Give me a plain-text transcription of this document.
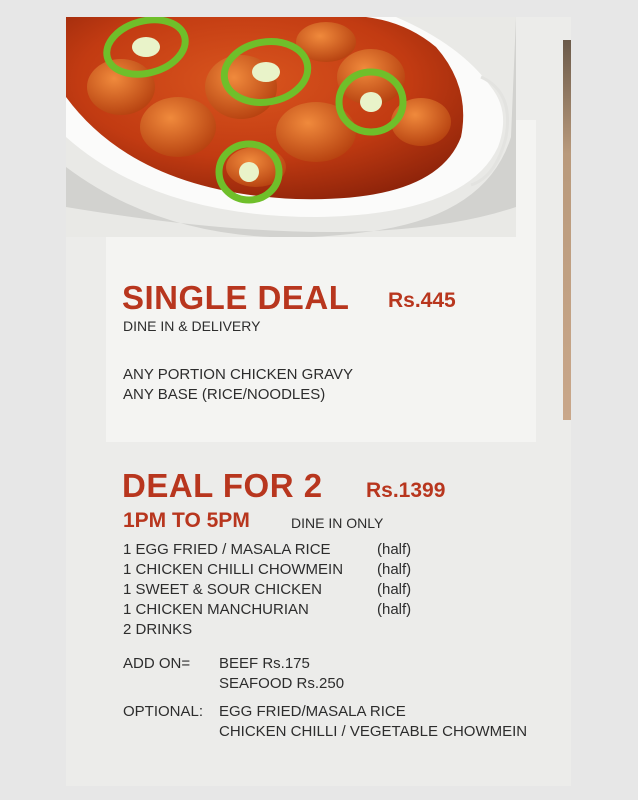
SINGLE DEAL Rs.445
DINE IN & DELIVERY
ANY PORTION CHICKEN GRAVY
ANY BASE (RICE/NOODLES)
DEAL FOR 2 Rs.1399
1PM TO 5PM	DINE IN ONLY
1 EGG FRIED / MASALA RICE	(half)
1 CHICKEN CHILLI CHOWMEIN (half)
1 SWEET & SOUR CHICKEN	(half)
1 CHICKEN MANCHURIAN	(half)
2 DRINKS
ADD ON= BEEF Rs.175
SEAFOOD Rs.250
OPTIONAL: EGG FRIED/MASALA RICE
CHICKEN CHILLI / VEGETABLE CHOWMEIN
